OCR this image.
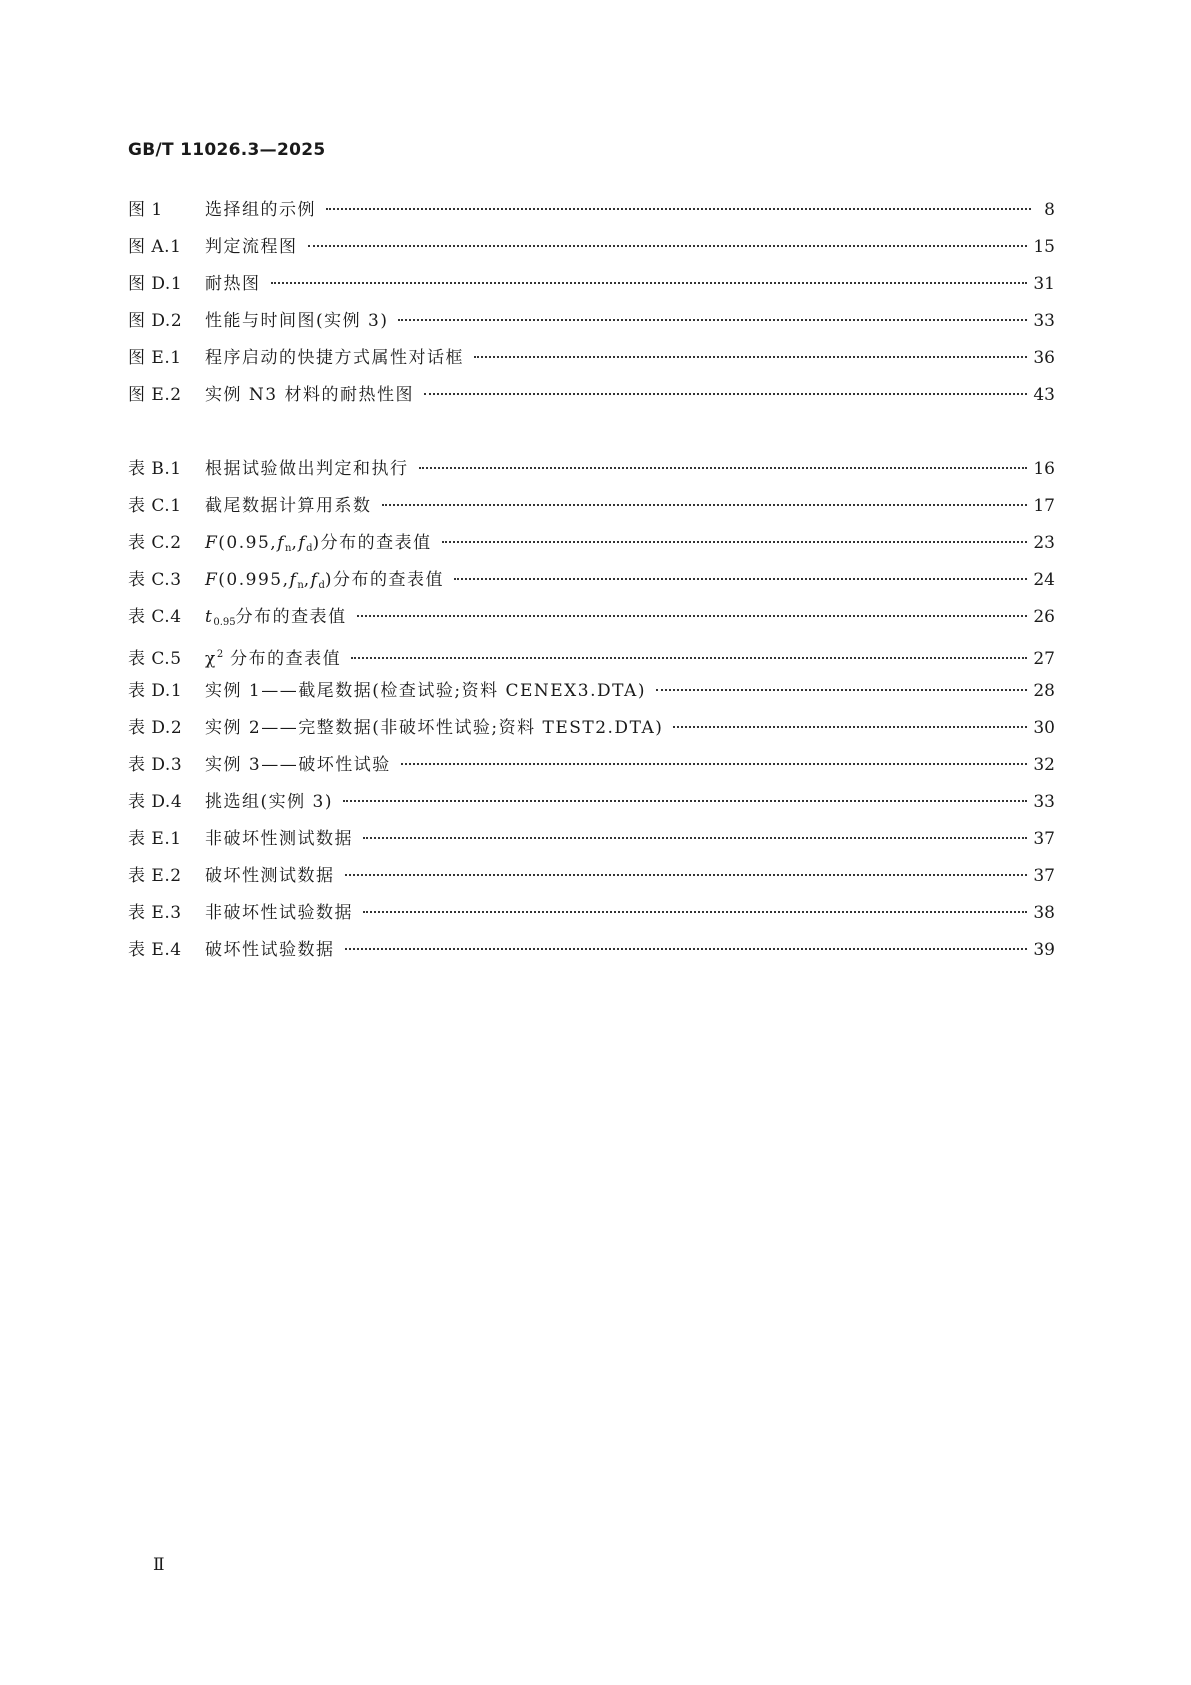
GB/T 11026.3—2025
图 1	选择组的示例	8
图 A.1	判定流程图	15
图 D.1	耐热图	31
图 D.2	性能与时间图(实例 3)	33
图 E.1	程序启动的快捷方式属性对话框	36
图 E.2	实例 N3 材料的耐热性图	43
表 B.1	根据试验做出判定和执行	16
表 C.1	截尾数据计算用系数	17
表 C.2	$F(0.95,f_n,f_d)$分布的查表值	23
表 C.3	$F(0.995,f_n,f_d)$分布的查表值	24
表 C.4	$t_{0.95}$分布的查表值	26
表 C.5	$\chi^2$ 分布的查表值	27
表 D.1	实例 1——截尾数据(检查试验;资料 CENEX3.DTA)	28
表 D.2	实例 2——完整数据(非破坏性试验;资料 TEST2.DTA)	30
表 D.3	实例 3——破坏性试验	32
表 D.4	挑选组(实例 3)	33
表 E.1	非破坏性测试数据	37
表 E.2	破坏性测试数据	37
表 E.3	非破坏性试验数据	38
表 E.4	破坏性试验数据	39
Ⅱ
